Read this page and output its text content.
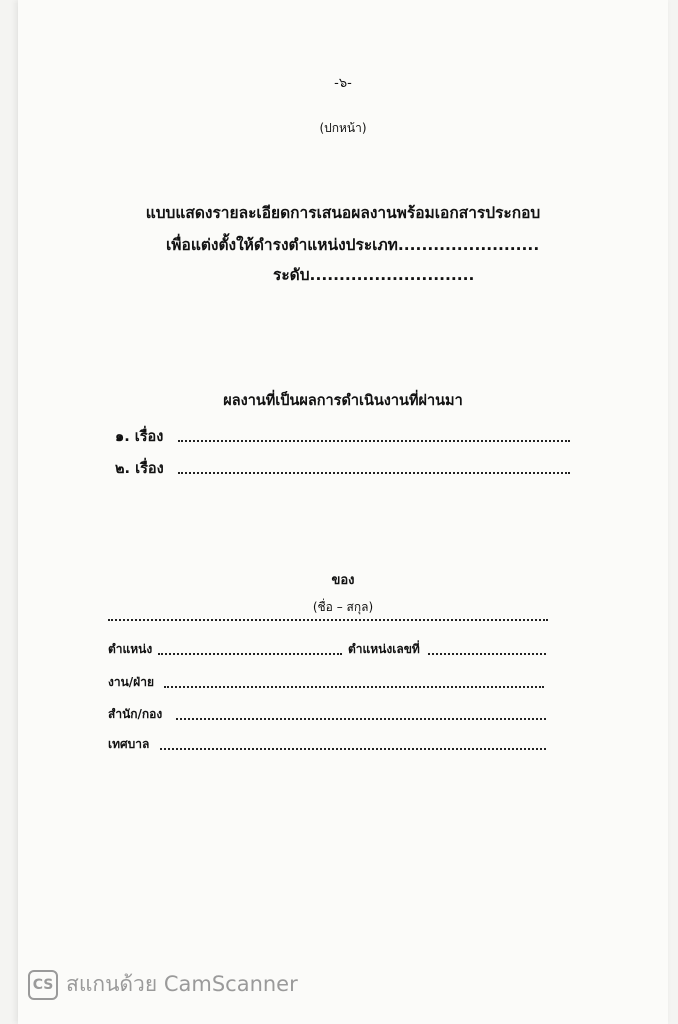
-๖-
(ปกหน้า)
แบบแสดงรายละเอียดการเสนอผลงานพร้อมเอกสารประกอบ
เพื่อแต่งตั้งให้ดำรงตำแหน่งประเภท........................
ระดับ............................
ผลงานที่เป็นผลการดำเนินงานที่ผ่านมา
๑. เรื่อง
๒. เรื่อง
ของ
(ชื่อ – สกุล)
ตำแหน่ง	ตำแหน่งเลขที่
งาน/ฝ่าย
สำนัก/กอง
เทศบาล
CS สแกนด้วย CamScanner
